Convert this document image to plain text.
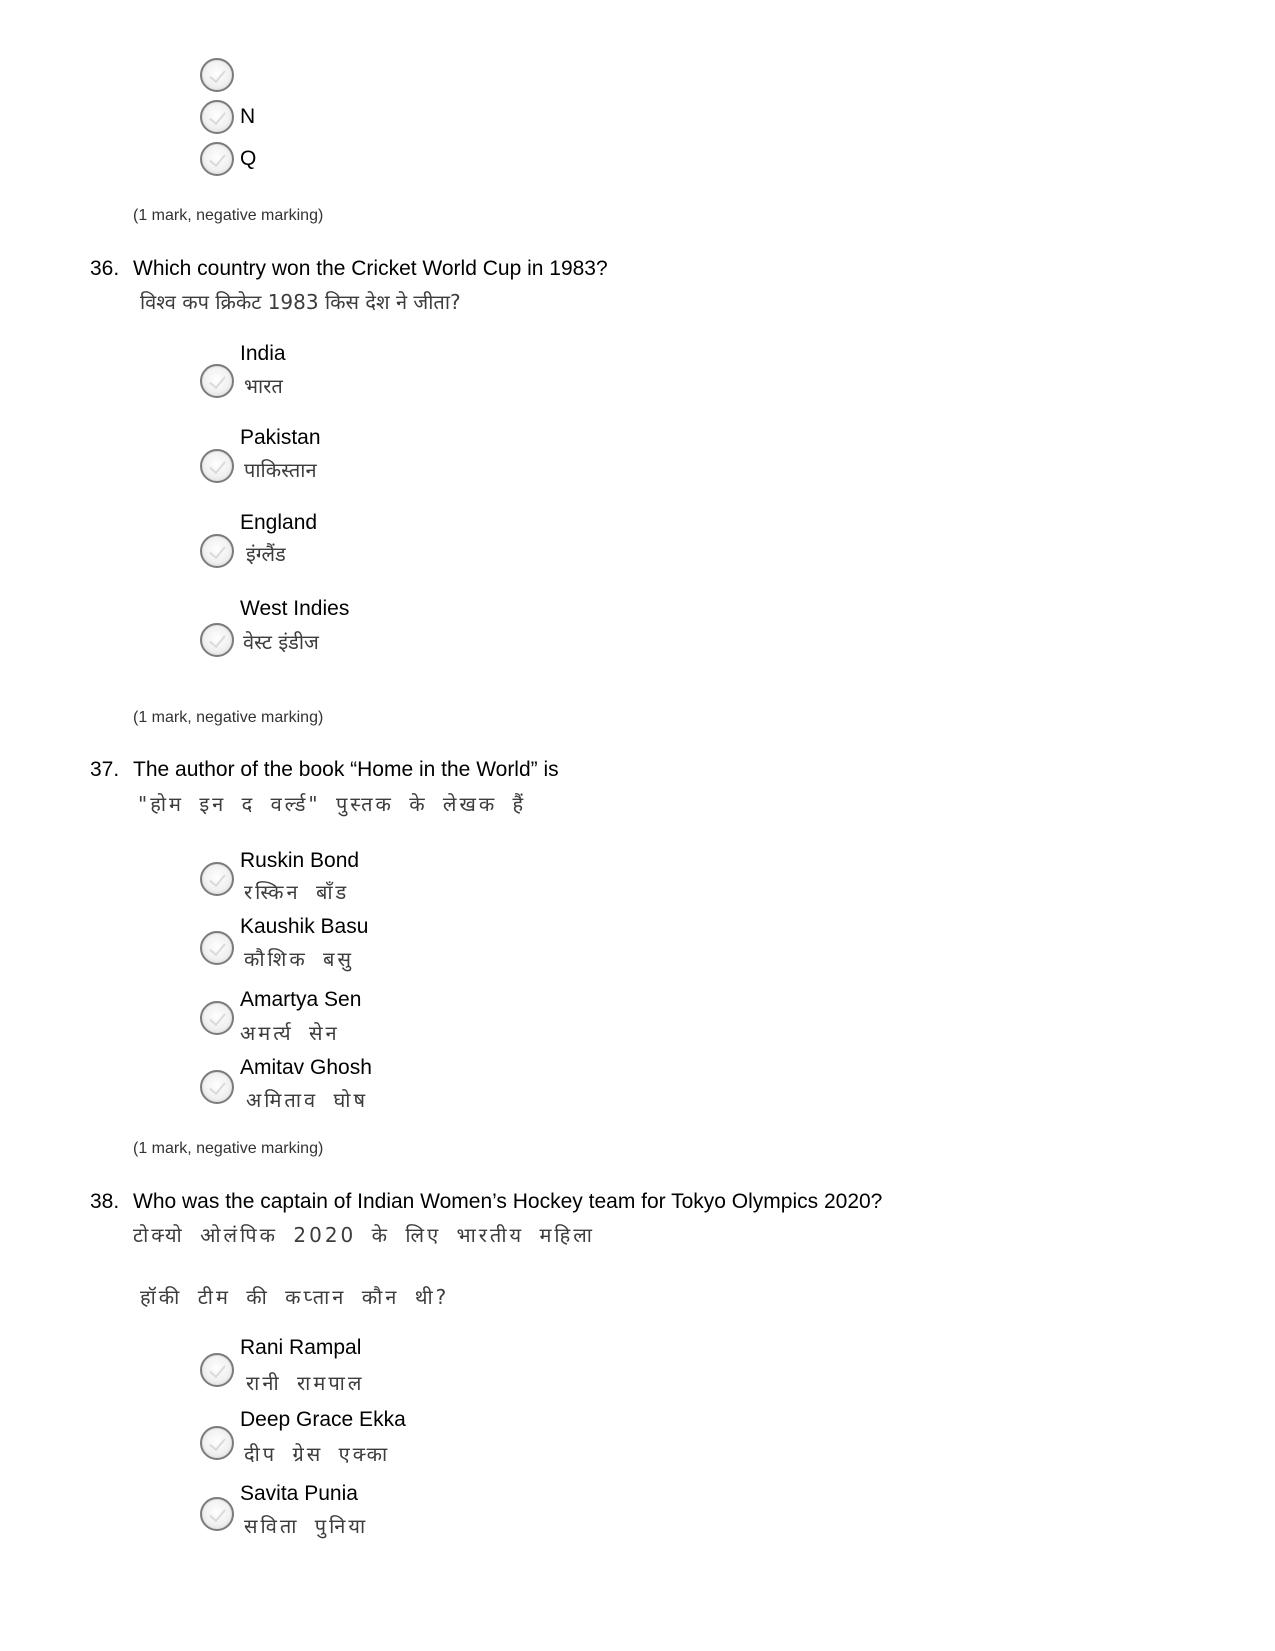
N
Q
(1 mark, negative marking)
36. Which country won the Cricket World Cup in 1983?
विश्व कप क्रिकेट 1983 किस देश ने जीता?
India
भारत
Pakistan
पाकिस्तान
England
इंग्लैंड
West Indies
वेस्ट इंडीज
(1 mark, negative marking)
37. The author of the book “Home in the World” is
"होम इन द वर्ल्ड" पुस्तक के लेखक हैं
Ruskin Bond
रस्किन बॉंड
Kaushik Basu
कौशिक बसु
Amartya Sen
अमर्त्य सेन
Amitav Ghosh
अमिताव घोष
(1 mark, negative marking)
38. Who was the captain of Indian Women’s Hockey team for Tokyo Olympics 2020?
टोक्यो ओलंपिक 2020 के लिए भारतीय महिला
हॉकी टीम की कप्तान कौन थी?
Rani Rampal
रानी रामपाल
Deep Grace Ekka
दीप ग्रेस एक्का
Savita Punia
सविता पुनिया
